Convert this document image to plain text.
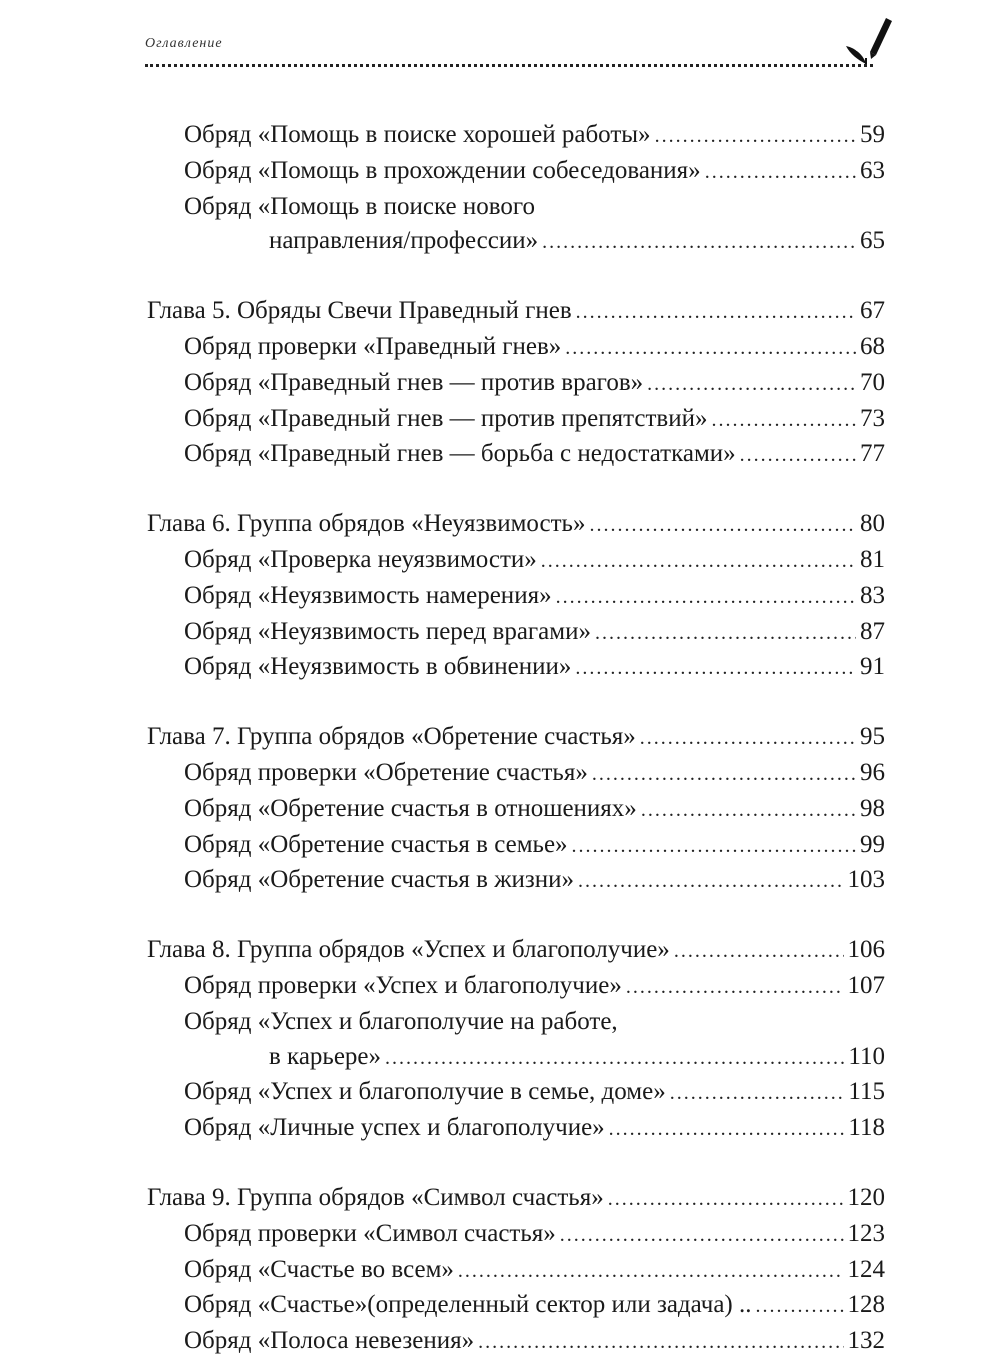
Оглавление
Обряд «Помощь в поиске хорошей работы» .....	59
Обряд «Помощь в прохождении собеседования» .....	63
Обряд «Помощь в поиске нового
направления/профессии» .....	65
Глава 5. Обряды Свечи Праведный гнев .....	67
Обряд проверки «Праведный гнев» .....	68
Обряд «Праведный гнев — против врагов» .....	70
Обряд «Праведный гнев — против препятствий» .....	73
Обряд «Праведный гнев — борьба с недостатками» .....	77
Глава 6. Группа обрядов «Неуязвимость» .....	80
Обряд «Проверка неуязвимости» .....	81
Обряд «Неуязвимость намерения» .....	83
Обряд «Неуязвимость перед врагами» .....	87
Обряд «Неуязвимость в обвинении» .....	91
Глава 7. Группа обрядов «Обретение счастья» .....	95
Обряд проверки «Обретение счастья» .....	96
Обряд «Обретение счастья в отношениях» .....	98
Обряд «Обретение счастья в семье» .....	99
Обряд «Обретение счастья в жизни» .....	103
Глава 8. Группа обрядов «Успех и благополучие» .....	106
Обряд проверки «Успех и благополучие» .....	107
Обряд «Успех и благополучие на работе,
в карьере» .....	110
Обряд «Успех и благополучие в семье, доме» .....	115
Обряд «Личные успех и благополучие» .....	118
Глава 9. Группа обрядов «Символ счастья» .....	120
Обряд проверки «Символ счастья» .....	123
Обряд «Счастье во всем» .....	124
Обряд «Счастье»(определенный сектор или задача) .. .....	128
Обряд «Полоса невезения» .....	132
